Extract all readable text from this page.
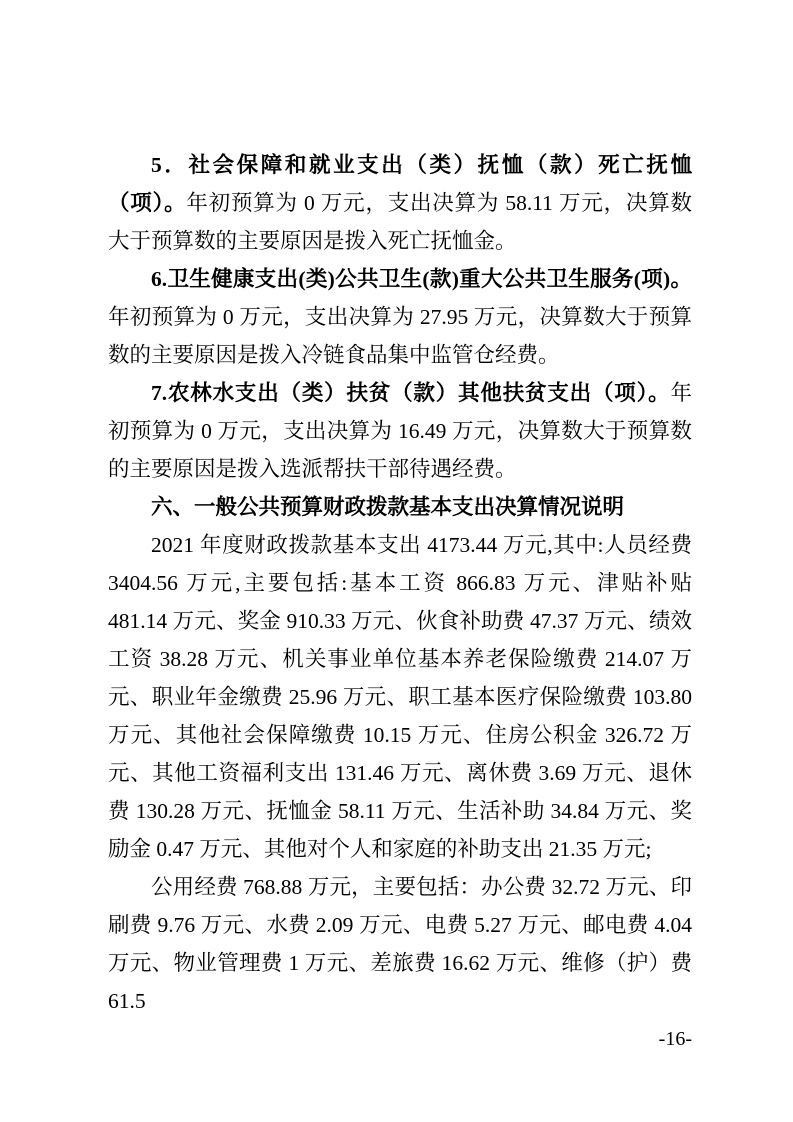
5．社会保障和就业支出（类）抚恤（款）死亡抚恤（项）。年初预算为 0 万元，支出决算为 58.11 万元，决算数大于预算数的主要原因是拨入死亡抚恤金。

6.卫生健康支出(类)公共卫生(款)重大公共卫生服务(项)。年初预算为 0 万元，支出决算为 27.95 万元，决算数大于预算数的主要原因是拨入冷链食品集中监管仓经费。

7.农林水支出（类）扶贫（款）其他扶贫支出（项）。年初预算为 0 万元，支出决算为 16.49 万元，决算数大于预算数的主要原因是拨入选派帮扶干部待遇经费。

六、一般公共预算财政拨款基本支出决算情况说明

2021 年度财政拨款基本支出 4173.44 万元,其中:人员经费 3404.56 万元,主要包括:基本工资 866.83 万元、津贴补贴 481.14 万元、奖金 910.33 万元、伙食补助费 47.37 万元、绩效工资 38.28 万元、机关事业单位基本养老保险缴费 214.07 万元、职业年金缴费 25.96 万元、职工基本医疗保险缴费 103.80 万元、其他社会保障缴费 10.15 万元、住房公积金 326.72 万元、其他工资福利支出 131.46 万元、离休费 3.69 万元、退休费 130.28 万元、抚恤金 58.11 万元、生活补助 34.84 万元、奖励金 0.47 万元、其他对个人和家庭的补助支出 21.35 万元;

公用经费 768.88 万元，主要包括：办公费 32.72 万元、印刷费 9.76 万元、水费 2.09 万元、电费 5.27 万元、邮电费 4.04 万元、物业管理费 1 万元、差旅费 16.62 万元、维修（护）费 61.5

-16-
